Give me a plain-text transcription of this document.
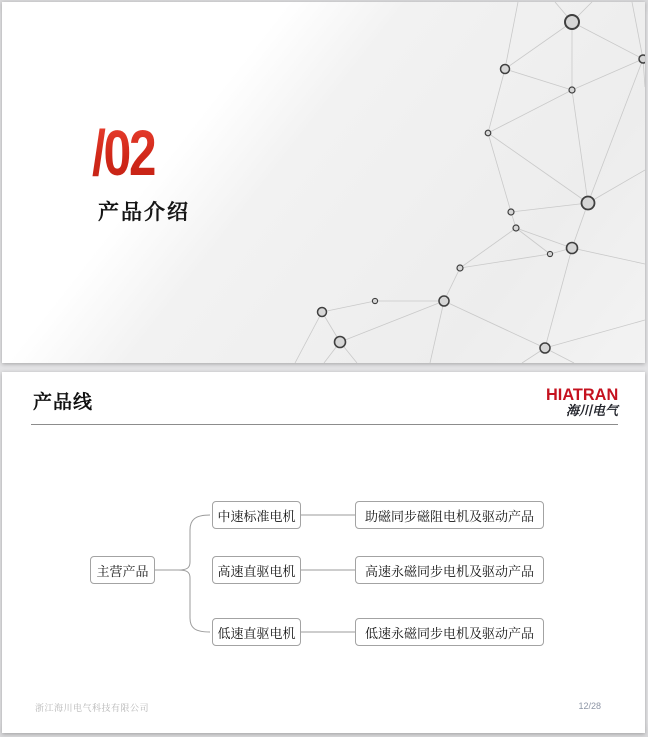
/02
产品介绍
产品线	HIATRAN
海川电气
主营产品
中速标准电机
高速直驱电机
低速直驱电机
助磁同步磁阻电机及驱动产品
高速永磁同步电机及驱动产品
低速永磁同步电机及驱动产品
浙江海川电气科技有限公司	12/28
